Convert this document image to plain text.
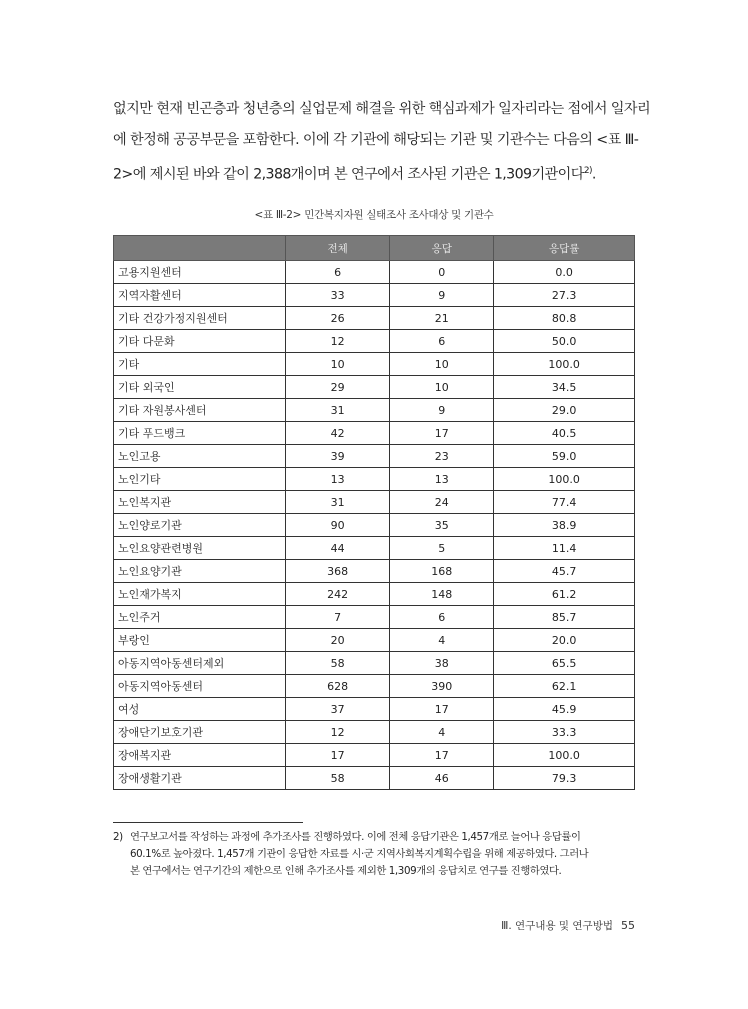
없지만 현재 빈곤층과 청년층의 실업문제 해결을 위한 핵심과제가 일자리라는 점에서 일자리

에 한정해 공공부문을 포함한다. 이에 각 기관에 해당되는 기관 및 기관수는 다음의 <표 Ⅲ-

2>에 제시된 바와 같이 2,388개이며 본 연구에서 조사된 기관은 1,309기관이다$^{2)}$.

<표 Ⅲ-2> 민간복지자원 실태조사 조사대상 및 기관수
	전체	응답	응답률
고용지원센터	6	0	0.0
지역자활센터	33	9	27.3
기타 건강가정지원센터	26	21	80.8
기타 다문화	12	6	50.0
기타	10	10	100.0
기타 외국인	29	10	34.5
기타 자원봉사센터	31	9	29.0
기타 푸드뱅크	42	17	40.5
노인고용	39	23	59.0
노인기타	13	13	100.0
노인복지관	31	24	77.4
노인양로기관	90	35	38.9
노인요양관련병원	44	5	11.4
노인요양기관	368	168	45.7
노인재가복지	242	148	61.2
노인주거	7	6	85.7
부랑인	20	4	20.0
아동지역아동센터제외	58	38	65.5
아동지역아동센터	628	390	62.1
여성	37	17	45.9
장애단기보호기관	12	4	33.3
장애복지관	17	17	100.0
장애생활기관	58	46	79.3
2) 연구보고서를 작성하는 과정에 추가조사를 진행하였다. 이에 전체 응답기관은 1,457개로 늘어나 응답률이
60.1%로 높아졌다. 1,457개 기관이 응답한 자료를 시·군 지역사회복지계획수립을 위해 제공하였다. 그러나
본 연구에서는 연구기간의 제한으로 인해 추가조사를 제외한 1,309개의 응답치로 연구를 진행하였다.
Ⅲ. 연구내용 및 연구방법 55
